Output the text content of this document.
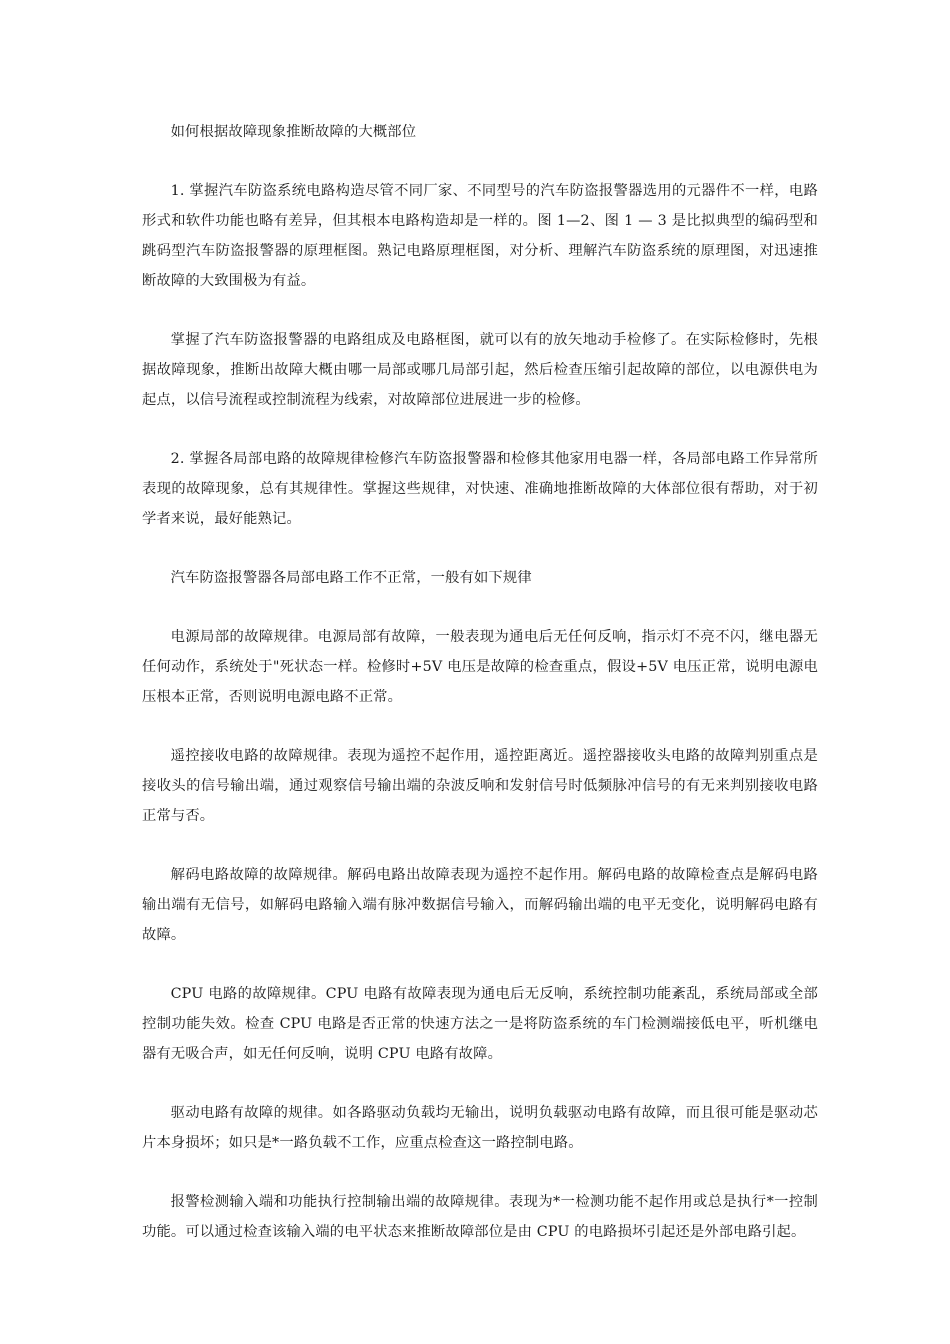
如何根据故障现象推断故障的大概部位

1. 掌握汽车防盗系统电路构造尽管不同厂家、不同型号的汽车防盗报警器选用的元器件不一样，电路形式和软件功能也略有差异，但其根本电路构造却是一样的。图 1—2、图 1 — 3 是比拟典型的编码型和跳码型汽车防盗报警器的原理框图。熟记电路原理框图，对分析、理解汽车防盗系统的原理图，对迅速推断故障的大致围极为有益。

掌握了汽车防盗报警器的电路组成及电路框图，就可以有的放矢地动手检修了。在实际检修时，先根据故障现象，推断出故障大概由哪一局部或哪几局部引起，然后检查压缩引起故障的部位，以电源供电为起点，以信号流程或控制流程为线索，对故障部位进展进一步的检修。

2. 掌握各局部电路的故障规律检修汽车防盗报警器和检修其他家用电器一样，各局部电路工作异常所表现的故障现象，总有其规律性。掌握这些规律，对快速、准确地推断故障的大体部位很有帮助，对于初学者来说，最好能熟记。

汽车防盗报警器各局部电路工作不正常，一般有如下规律

电源局部的故障规律。电源局部有故障，一般表现为通电后无任何反响，指示灯不亮不闪，继电器无任何动作，系统处于"死状态一样。检修时+5V 电压是故障的检查重点，假设+5V 电压正常，说明电源电压根本正常，否则说明电源电路不正常。

遥控接收电路的故障规律。表现为遥控不起作用，遥控距离近。遥控器接收头电路的故障判别重点是接收头的信号输出端，通过观察信号输出端的杂波反响和发射信号时低频脉冲信号的有无来判别接收电路正常与否。

解码电路故障的故障规律。解码电路出故障表现为遥控不起作用。解码电路的故障检查点是解码电路输出端有无信号，如解码电路输入端有脉冲数据信号输入，而解码输出端的电平无变化，说明解码电路有故障。

CPU 电路的故障规律。CPU 电路有故障表现为通电后无反响，系统控制功能紊乱，系统局部或全部控制功能失效。检查 CPU 电路是否正常的快速方法之一是将防盗系统的车门检测端接低电平，听机继电器有无吸合声，如无任何反响，说明 CPU 电路有故障。

驱动电路有故障的规律。如各路驱动负载均无输出，说明负载驱动电路有故障，而且很可能是驱动芯片本身损坏；如只是*一路负载不工作，应重点检查这一路控制电路。

报警检测输入端和功能执行控制输出端的故障规律。表现为*一检测功能不起作用或总是执行*一控制功能。可以通过检查该输入端的电平状态来推断故障部位是由 CPU 的电路损坏引起还是外部电路引起。
